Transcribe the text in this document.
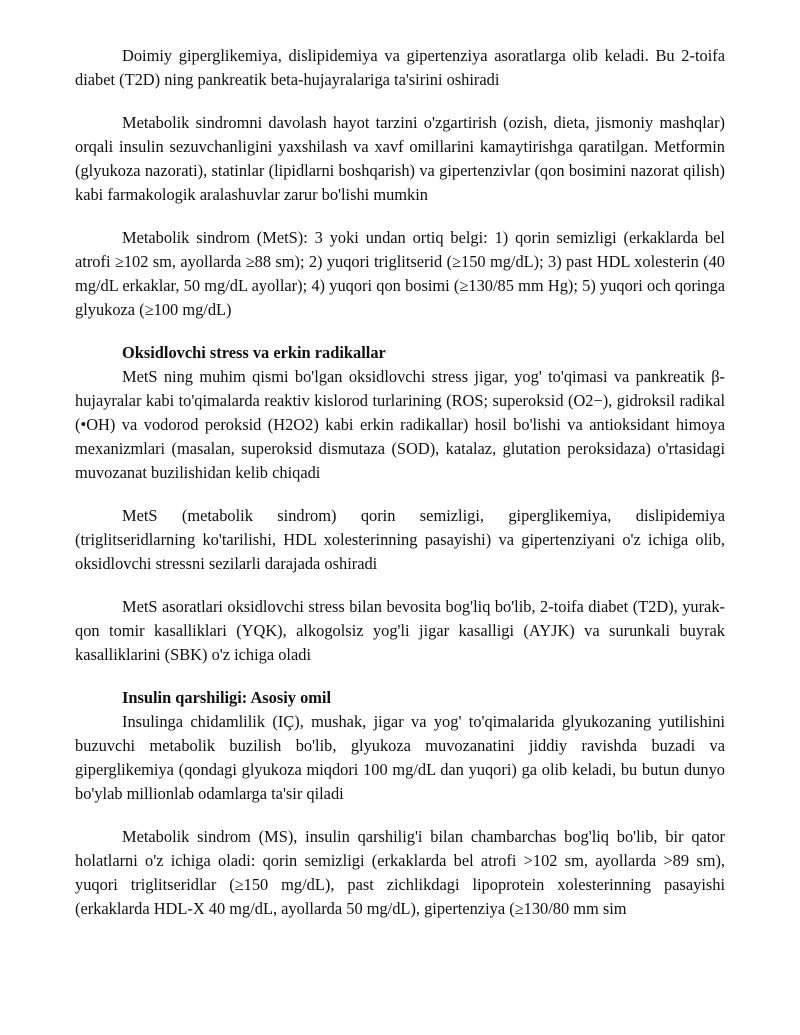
Doimiy giperglikemiya, dislipidemiya va gipertenziya asoratlarga olib keladi. Bu 2-toifa diabet (T2D) ning pankreatik beta-hujayralariga ta'sirini oshiradi

Metabolik sindromni davolash hayot tarzini o'zgartirish (ozish, dieta, jismoniy mashqlar) orqali insulin sezuvchanligini yaxshilash va xavf omillarini kamaytirishga qaratilgan. Metformin (glyukoza nazorati), statinlar (lipidlarni boshqarish) va gipertenzivlar (qon bosimini nazorat qilish) kabi farmakologik aralashuvlar zarur bo'lishi mumkin

Metabolik sindrom (MetS): 3 yoki undan ortiq belgi: 1) qorin semizligi (erkaklarda bel atrofi ≥102 sm, ayollarda ≥88 sm); 2) yuqori triglitserid (≥150 mg/dL); 3) past HDL xolesterin (40 mg/dL erkaklar, 50 mg/dL ayollar); 4) yuqori qon bosimi (≥130/85 mm Hg); 5) yuqori och qoringa glyukoza (≥100 mg/dL)

Oksidlovchi stress va erkin radikallar

MetS ning muhim qismi bo'lgan oksidlovchi stress jigar, yog' to'qimasi va pankreatik β-hujayralar kabi to'qimalarda reaktiv kislorod turlarining (ROS; superoksid (O2−), gidroksil radikal (•OH) va vodorod peroksid (H2O2) kabi erkin radikallar) hosil bo'lishi va antioksidant himoya mexanizmlari (masalan, superoksid dismutaza (SOD), katalaz, glutation peroksidaza) o'rtasidagi muvozanat buzilishidan kelib chiqadi

MetS (metabolik sindrom) qorin semizligi, giperglikemiya, dislipidemiya (triglitseridlarning ko'tarilishi, HDL xolesterinning pasayishi) va gipertenziyani o'z ichiga olib, oksidlovchi stressni sezilarli darajada oshiradi

MetS asoratlari oksidlovchi stress bilan bevosita bog'liq bo'lib, 2-toifa diabet (T2D), yurak-qon tomir kasalliklari (YQK), alkogolsiz yog'li jigar kasalligi (AYJK) va surunkali buyrak kasalliklarini (SBK) o'z ichiga oladi

Insulin qarshiligi: Asosiy omil

Insulinga chidamlilik (IÇ), mushak, jigar va yog' to'qimalarida glyukozaning yutilishini buzuvchi metabolik buzilish bo'lib, glyukoza muvozanatini jiddiy ravishda buzadi va giperglikemiya (qondagi glyukoza miqdori 100 mg/dL dan yuqori) ga olib keladi, bu butun dunyo bo'ylab millionlab odamlarga ta'sir qiladi

Metabolik sindrom (MS), insulin qarshilig'i bilan chambarchas bog'liq bo'lib, bir qator holatlarni o'z ichiga oladi: qorin semizligi (erkaklarda bel atrofi >102 sm, ayollarda >89 sm), yuqori triglitseridlar (≥150 mg/dL), past zichlikdagi lipoprotein xolesterinning pasayishi (erkaklarda HDL-X 40 mg/dL, ayollarda 50 mg/dL), gipertenziya (≥130/80 mm sim
